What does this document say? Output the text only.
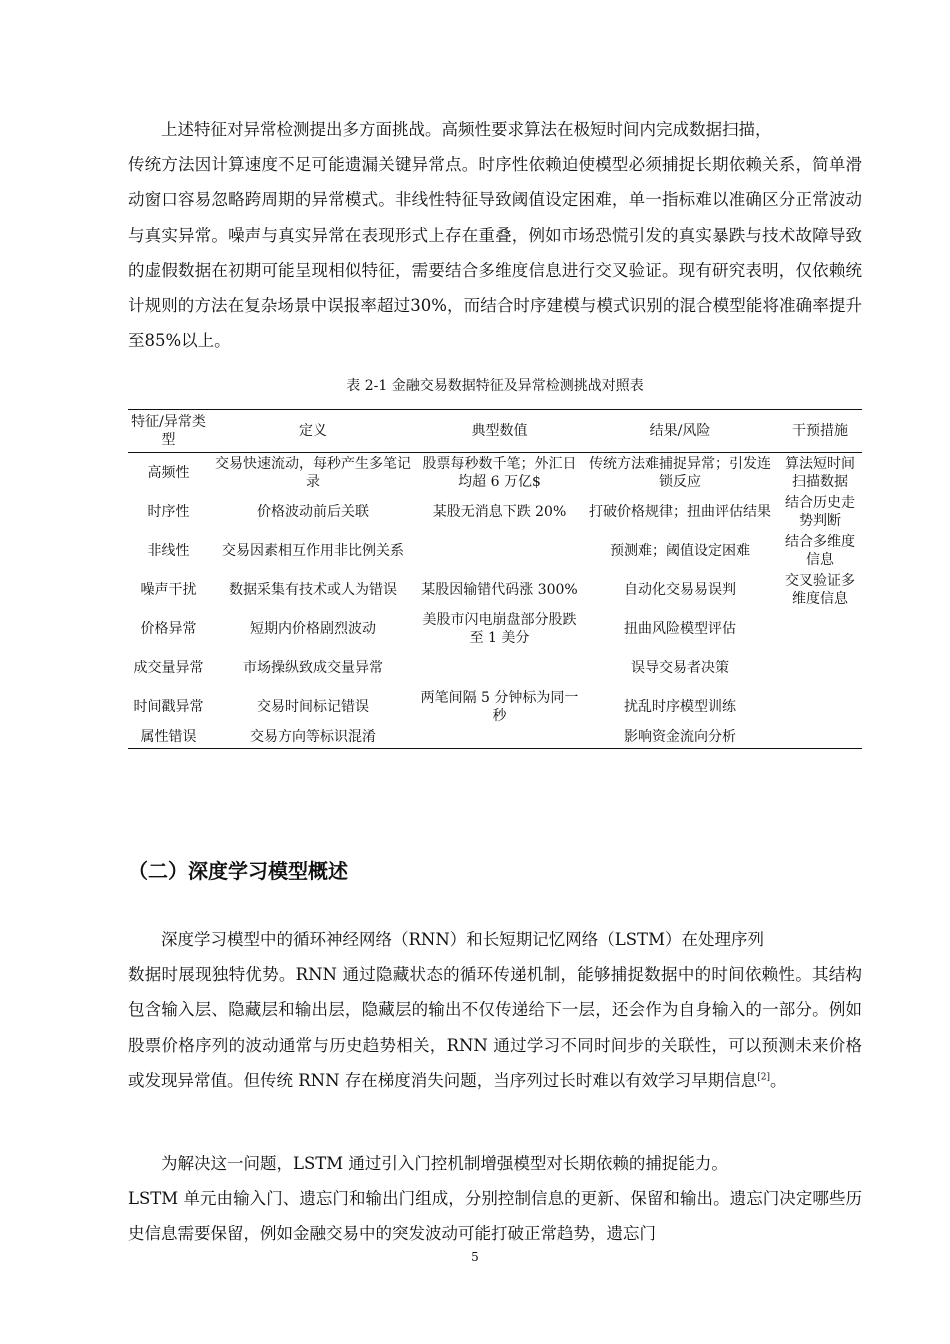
上述特征对异常检测提出多方面挑战。高频性要求算法在极短时间内完成数据扫描，
传统方法因计算速度不足可能遗漏关键异常点。时序性依赖迫使模型必须捕捉长期依赖关系，简单滑动窗口容易忽略跨周期的异常模式。非线性特征导致阈值设定困难，单一指标难以准确区分正常波动与真实异常。噪声与真实异常在表现形式上存在重叠，例如市场恐慌引发的真实暴跌与技术故障导致的虚假数据在初期可能呈现相似特征，需要结合多维度信息进行交叉验证。现有研究表明，仅依赖统计规则的方法在复杂场景中误报率超过30%，而结合时序建模与模式识别的混合模型能将准确率提升至85%以上。

表 2-1 金融交易数据特征及异常检测挑战对照表
特征/异常类型	定义	典型数值	结果/风险	干预措施
高频性	交易快速流动，每秒产生多笔记录	股票每秒数千笔；外汇日均超 6 万亿$	传统方法难捕捉异常；引发连锁反应	算法短时间扫描数据
时序性	价格波动前后关联	某股无消息下跌 20%	打破价格规律；扭曲评估结果	结合历史走势判断
非线性	交易因素相互作用非比例关系		预测难；阈值设定困难	结合多维度信息
噪声干扰	数据采集有技术或人为错误	某股因输错代码涨 300%	自动化交易易误判	交叉验证多维度信息
价格异常	短期内价格剧烈波动	美股市闪电崩盘部分股跌至 1 美分	扭曲风险模型评估	
成交量异常	市场操纵致成交量异常		误导交易者决策	
时间戳异常	交易时间标记错误	两笔间隔 5 分钟标为同一秒	扰乱时序模型训练	
属性错误	交易方向等标识混淆		影响资金流向分析	
（二）深度学习模型概述

深度学习模型中的循环神经网络（RNN）和长短期记忆网络（LSTM）在处理序列
数据时展现独特优势。RNN 通过隐藏状态的循环传递机制，能够捕捉数据中的时间依赖性。其结构包含输入层、隐藏层和输出层，隐藏层的输出不仅传递给下一层，还会作为自身输入的一部分。例如股票价格序列的波动通常与历史趋势相关，RNN 通过学习不同时间步的关联性，可以预测未来价格或发现异常值。但传统 RNN 存在梯度消失问题，当序列过长时难以有效学习早期信息[2]。

为解决这一问题，LSTM 通过引入门控机制增强模型对长期依赖的捕捉能力。
LSTM 单元由输入门、遗忘门和输出门组成，分别控制信息的更新、保留和输出。遗忘门决定哪些历史信息需要保留，例如金融交易中的突发波动可能打破正常趋势，遗忘门

5
